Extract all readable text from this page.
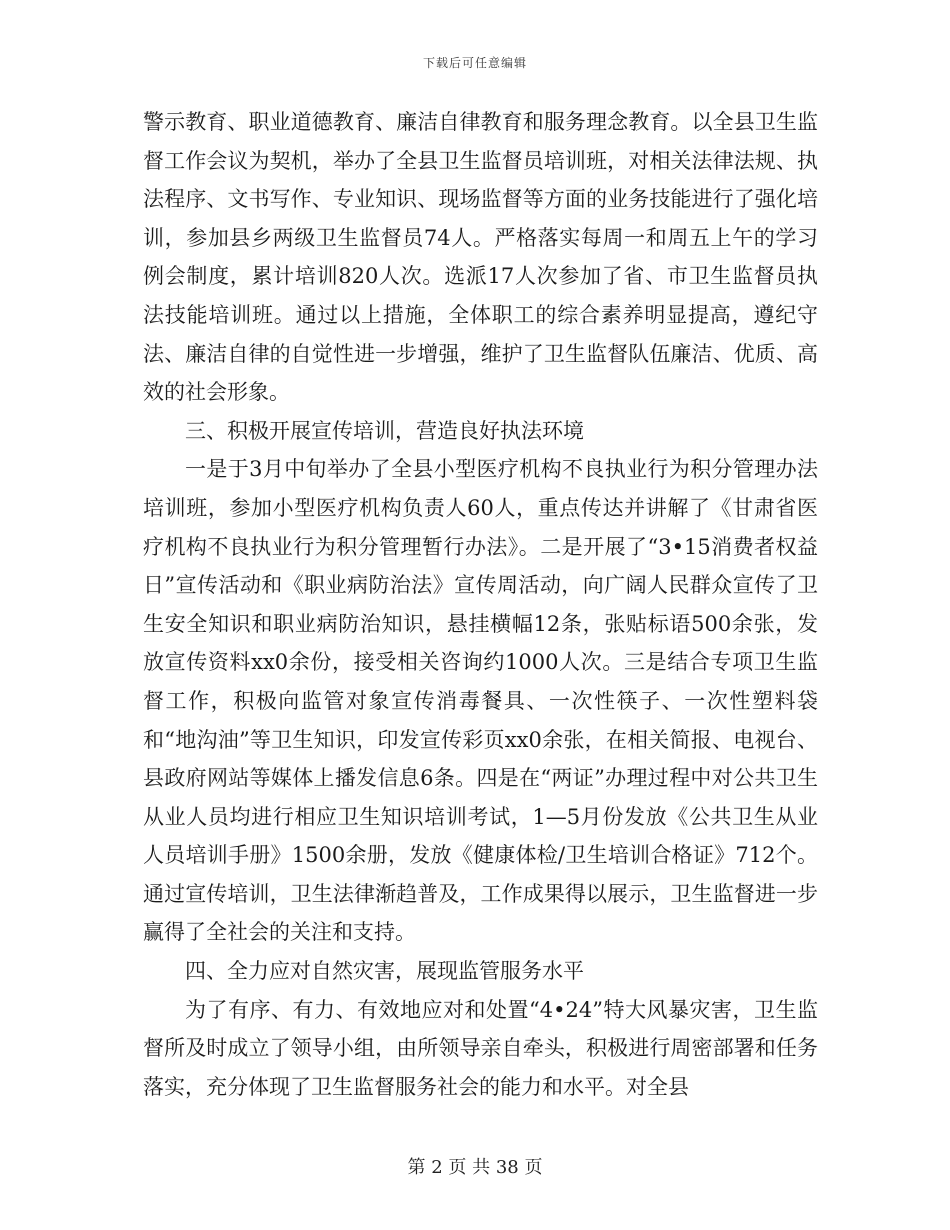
下载后可任意编辑

警示教育、职业道德教育、廉洁自律教育和服务理念教育。以全县卫生监督工作会议为契机，举办了全县卫生监督员培训班，对相关法律法规、执法程序、文书写作、专业知识、现场监督等方面的业务技能进行了强化培训，参加县乡两级卫生监督员74人。严格落实每周一和周五上午的学习例会制度，累计培训820人次。选派17人次参加了省、市卫生监督员执法技能培训班。通过以上措施，全体职工的综合素养明显提高，遵纪守法、廉洁自律的自觉性进一步增强，维护了卫生监督队伍廉洁、优质、高效的社会形象。

三、积极开展宣传培训，营造良好执法环境

一是于3月中旬举办了全县小型医疗机构不良执业行为积分管理办法培训班，参加小型医疗机构负责人60人，重点传达并讲解了《甘肃省医疗机构不良执业行为积分管理暂行办法》。二是开展了“3•15消费者权益日”宣传活动和《职业病防治法》宣传周活动，向广阔人民群众宣传了卫生安全知识和职业病防治知识，悬挂横幅12条，张贴标语500余张，发放宣传资料xx0余份，接受相关咨询约1000人次。三是结合专项卫生监督工作，积极向监管对象宣传消毒餐具、一次性筷子、一次性塑料袋和“地沟油”等卫生知识，印发宣传彩页xx0余张，在相关简报、电视台、县政府网站等媒体上播发信息6条。四是在“两证”办理过程中对公共卫生从业人员均进行相应卫生知识培训考试，1—5月份发放《公共卫生从业人员培训手册》1500余册，发放《健康体检/卫生培训合格证》712个。通过宣传培训，卫生法律渐趋普及，工作成果得以展示，卫生监督进一步赢得了全社会的关注和支持。

四、全力应对自然灾害，展现监管服务水平

为了有序、有力、有效地应对和处置“4•24”特大风暴灾害，卫生监督所及时成立了领导小组，由所领导亲自牵头，积极进行周密部署和任务落实，充分体现了卫生监督服务社会的能力和水平。对全县

第 2 页 共 38 页
